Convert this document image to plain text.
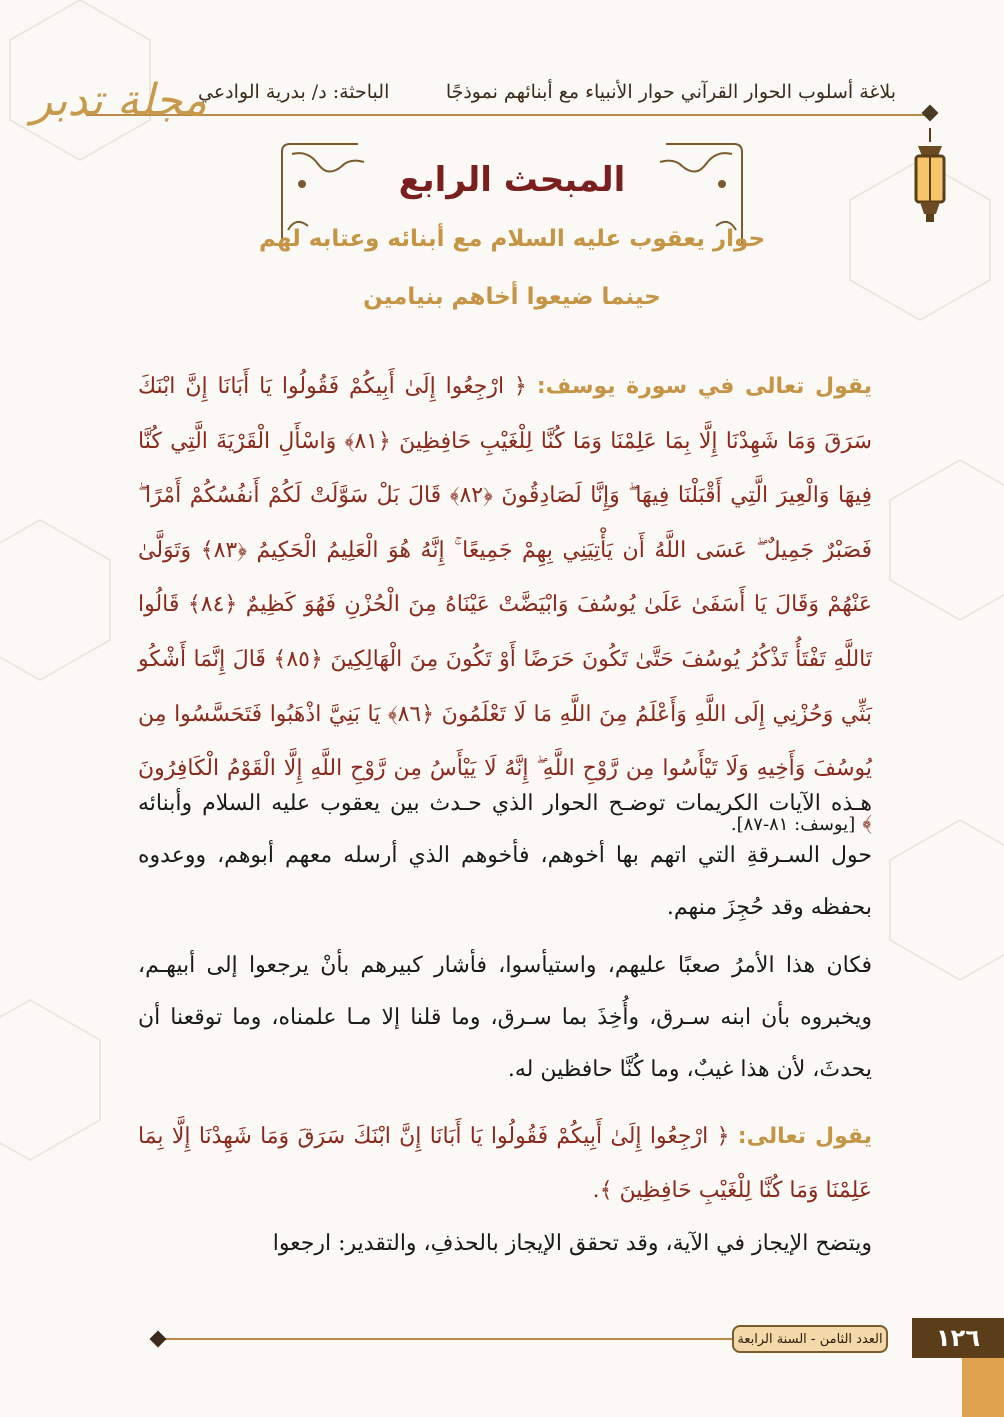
بلاغة أسلوب الحوار القرآني حوار الأنبياء مع أبنائهم نموذجًا
الباحثة: د/ بدرية الوادعي
مجلة تدبر
المبحث الرابع
حوار يعقوب عليه السلام مع أبنائه وعتابه لهم
حينما ضيعوا أخاهم بنيامين
يقول تعالى في سورة يوسف: ﴿ ارْجِعُوا إِلَىٰ أَبِيكُمْ فَقُولُوا يَا أَبَانَا إِنَّ ابْنَكَ سَرَقَ وَمَا شَهِدْنَا إِلَّا بِمَا عَلِمْنَا وَمَا كُنَّا لِلْغَيْبِ حَافِظِينَ ﴿٨١﴾ وَاسْأَلِ الْقَرْيَةَ الَّتِي كُنَّا فِيهَا وَالْعِيرَ الَّتِي أَقْبَلْنَا فِيهَا ۖ وَإِنَّا لَصَادِقُونَ ﴿٨٢﴾ قَالَ بَلْ سَوَّلَتْ لَكُمْ أَنفُسُكُمْ أَمْرًا ۖ فَصَبْرٌ جَمِيلٌ ۖ عَسَى اللَّهُ أَن يَأْتِيَنِي بِهِمْ جَمِيعًا ۚ إِنَّهُ هُوَ الْعَلِيمُ الْحَكِيمُ ﴿٨٣﴾ وَتَوَلَّىٰ عَنْهُمْ وَقَالَ يَا أَسَفَىٰ عَلَىٰ يُوسُفَ وَابْيَضَّتْ عَيْنَاهُ مِنَ الْحُزْنِ فَهُوَ كَظِيمٌ ﴿٨٤﴾ قَالُوا تَاللَّهِ تَفْتَأُ تَذْكُرُ يُوسُفَ حَتَّىٰ تَكُونَ حَرَضًا أَوْ تَكُونَ مِنَ الْهَالِكِينَ ﴿٨٥﴾ قَالَ إِنَّمَا أَشْكُو بَثِّي وَحُزْنِي إِلَى اللَّهِ وَأَعْلَمُ مِنَ اللَّهِ مَا لَا تَعْلَمُونَ ﴿٨٦﴾ يَا بَنِيَّ اذْهَبُوا فَتَحَسَّسُوا مِن يُوسُفَ وَأَخِيهِ وَلَا تَيْأَسُوا مِن رَّوْحِ اللَّهِ ۖ إِنَّهُ لَا يَيْأَسُ مِن رَّوْحِ اللَّهِ إِلَّا الْقَوْمُ الْكَافِرُونَ ﴾ [يوسف: ٨١-٨٧].
هـذه الآيات الكريمات توضـح الحوار الذي حـدث بين يعقوب عليه السلام وأبنائه حول السـرقةِ التي اتهم بها أخوهم، فأخوهم الذي أرسله معهم أبوهم، ووعدوه بحفظه وقد حُجِزَ منهم.
فكان هذا الأمرُ صعبًا عليهم، واستيأسوا، فأشار كبيرهم بأنْ يرجعوا إلى أبيهـم، ويخبروه بأن ابنه سـرق، وأُخِذَ بما سـرق، وما قلنا إلا مـا علمناه، وما توقعنا أن يحدثَ، لأن هذا غيبٌ، وما كُنَّا حافظين له.
يقول تعالى: ﴿ ارْجِعُوا إِلَىٰ أَبِيكُمْ فَقُولُوا يَا أَبَانَا إِنَّ ابْنَكَ سَرَقَ وَمَا شَهِدْنَا إِلَّا بِمَا عَلِمْنَا وَمَا كُنَّا لِلْغَيْبِ حَافِظِينَ ﴾.
ويتضح الإيجاز في الآية، وقد تحقق الإيجاز بالحذفِ، والتقدير: ارجعوا
العدد الثامن - السنة الرابعة	١٢٦
